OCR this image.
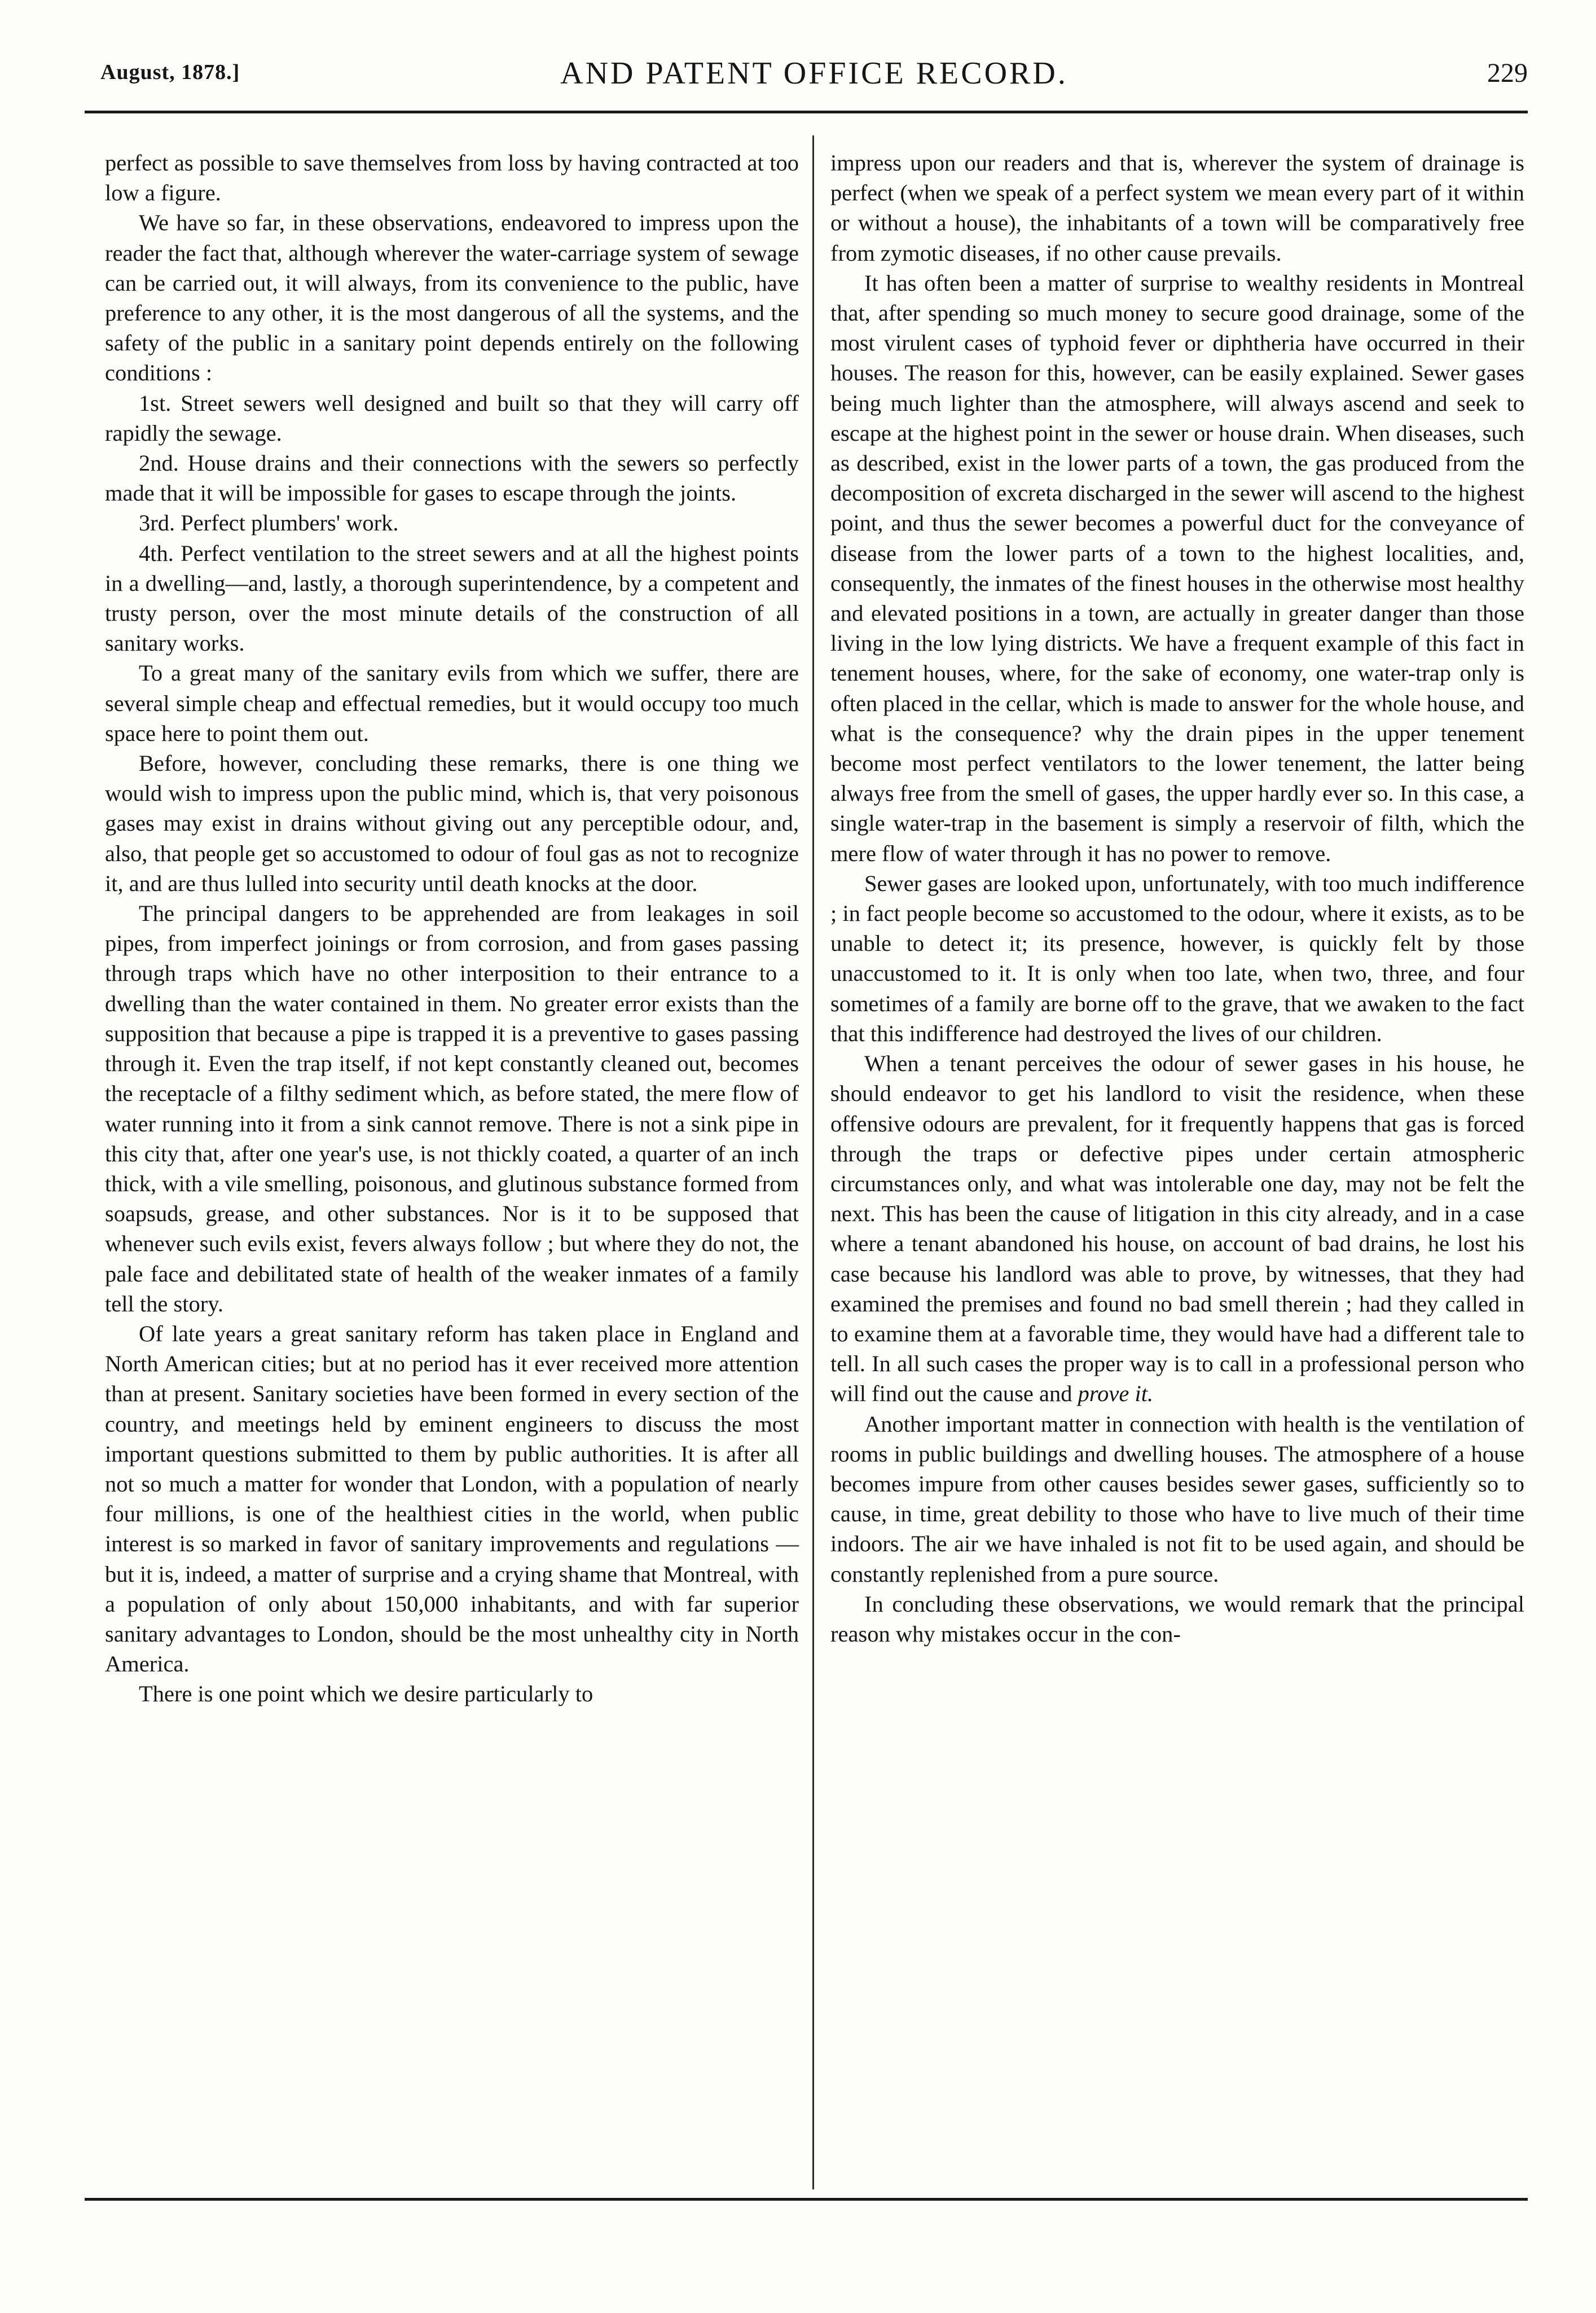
August, 1878.]	AND PATENT OFFICE RECORD.	229

perfect as possible to save themselves from loss by having contracted at too low a figure.

We have so far, in these observations, endeavored to impress upon the reader the fact that, although wherever the water-carriage system of sewage can be carried out, it will always, from its convenience to the public, have preference to any other, it is the most dangerous of all the systems, and the safety of the public in a sanitary point depends entirely on the following conditions :

1st. Street sewers well designed and built so that they will carry off rapidly the sewage.

2nd. House drains and their connections with the sewers so perfectly made that it will be impossible for gases to escape through the joints.

3rd. Perfect plumbers' work.

4th. Perfect ventilation to the street sewers and at all the highest points in a dwelling—and, lastly, a thorough superintendence, by a competent and trusty person, over the most minute details of the construction of all sanitary works.

To a great many of the sanitary evils from which we suffer, there are several simple cheap and effectual remedies, but it would occupy too much space here to point them out.

Before, however, concluding these remarks, there is one thing we would wish to impress upon the public mind, which is, that very poisonous gases may exist in drains without giving out any perceptible odour, and, also, that people get so accustomed to odour of foul gas as not to recognize it, and are thus lulled into security until death knocks at the door.

The principal dangers to be apprehended are from leakages in soil pipes, from imperfect joinings or from corrosion, and from gases passing through traps which have no other interposition to their entrance to a dwelling than the water contained in them. No greater error exists than the supposition that because a pipe is trapped it is a preventive to gases passing through it. Even the trap itself, if not kept constantly cleaned out, becomes the receptacle of a filthy sediment which, as before stated, the mere flow of water running into it from a sink cannot remove. There is not a sink pipe in this city that, after one year's use, is not thickly coated, a quarter of an inch thick, with a vile smelling, poisonous, and glutinous substance formed from soapsuds, grease, and other substances. Nor is it to be supposed that whenever such evils exist, fevers always follow ; but where they do not, the pale face and debilitated state of health of the weaker inmates of a family tell the story.

Of late years a great sanitary reform has taken place in England and North American cities; but at no period has it ever received more attention than at present. Sanitary societies have been formed in every section of the country, and meetings held by eminent engineers to discuss the most important questions submitted to them by public authorities. It is after all not so much a matter for wonder that London, with a population of nearly four millions, is one of the healthiest cities in the world, when public interest is so marked in favor of sanitary improvements and regulations — but it is, indeed, a matter of surprise and a crying shame that Montreal, with a population of only about 150,000 inhabitants, and with far superior sanitary advantages to London, should be the most unhealthy city in North America.

There is one point which we desire particularly to

impress upon our readers and that is, wherever the system of drainage is perfect (when we speak of a perfect system we mean every part of it within or without a house), the inhabitants of a town will be comparatively free from zymotic diseases, if no other cause prevails.

It has often been a matter of surprise to wealthy residents in Montreal that, after spending so much money to secure good drainage, some of the most virulent cases of typhoid fever or diphtheria have occurred in their houses. The reason for this, however, can be easily explained. Sewer gases being much lighter than the atmosphere, will always ascend and seek to escape at the highest point in the sewer or house drain. When diseases, such as described, exist in the lower parts of a town, the gas produced from the decomposition of excreta discharged in the sewer will ascend to the highest point, and thus the sewer becomes a powerful duct for the conveyance of disease from the lower parts of a town to the highest localities, and, consequently, the inmates of the finest houses in the otherwise most healthy and elevated positions in a town, are actually in greater danger than those living in the low lying districts. We have a frequent example of this fact in tenement houses, where, for the sake of economy, one water-trap only is often placed in the cellar, which is made to answer for the whole house, and what is the consequence? why the drain pipes in the upper tenement become most perfect ventilators to the lower tenement, the latter being always free from the smell of gases, the upper hardly ever so. In this case, a single water-trap in the basement is simply a reservoir of filth, which the mere flow of water through it has no power to remove.

Sewer gases are looked upon, unfortunately, with too much indifference ; in fact people become so accustomed to the odour, where it exists, as to be unable to detect it; its presence, however, is quickly felt by those unaccustomed to it. It is only when too late, when two, three, and four sometimes of a family are borne off to the grave, that we awaken to the fact that this indifference had destroyed the lives of our children.

When a tenant perceives the odour of sewer gases in his house, he should endeavor to get his landlord to visit the residence, when these offensive odours are prevalent, for it frequently happens that gas is forced through the traps or defective pipes under certain atmospheric circumstances only, and what was intolerable one day, may not be felt the next. This has been the cause of litigation in this city already, and in a case where a tenant abandoned his house, on account of bad drains, he lost his case because his landlord was able to prove, by witnesses, that they had examined the premises and found no bad smell therein ; had they called in to examine them at a favorable time, they would have had a different tale to tell. In all such cases the proper way is to call in a professional person who will find out the cause and prove it.

Another important matter in connection with health is the ventilation of rooms in public buildings and dwelling houses. The atmosphere of a house becomes impure from other causes besides sewer gases, sufficiently so to cause, in time, great debility to those who have to live much of their time indoors. The air we have inhaled is not fit to be used again, and should be constantly replenished from a pure source.

In concluding these observations, we would remark that the principal reason why mistakes occur in the con-
